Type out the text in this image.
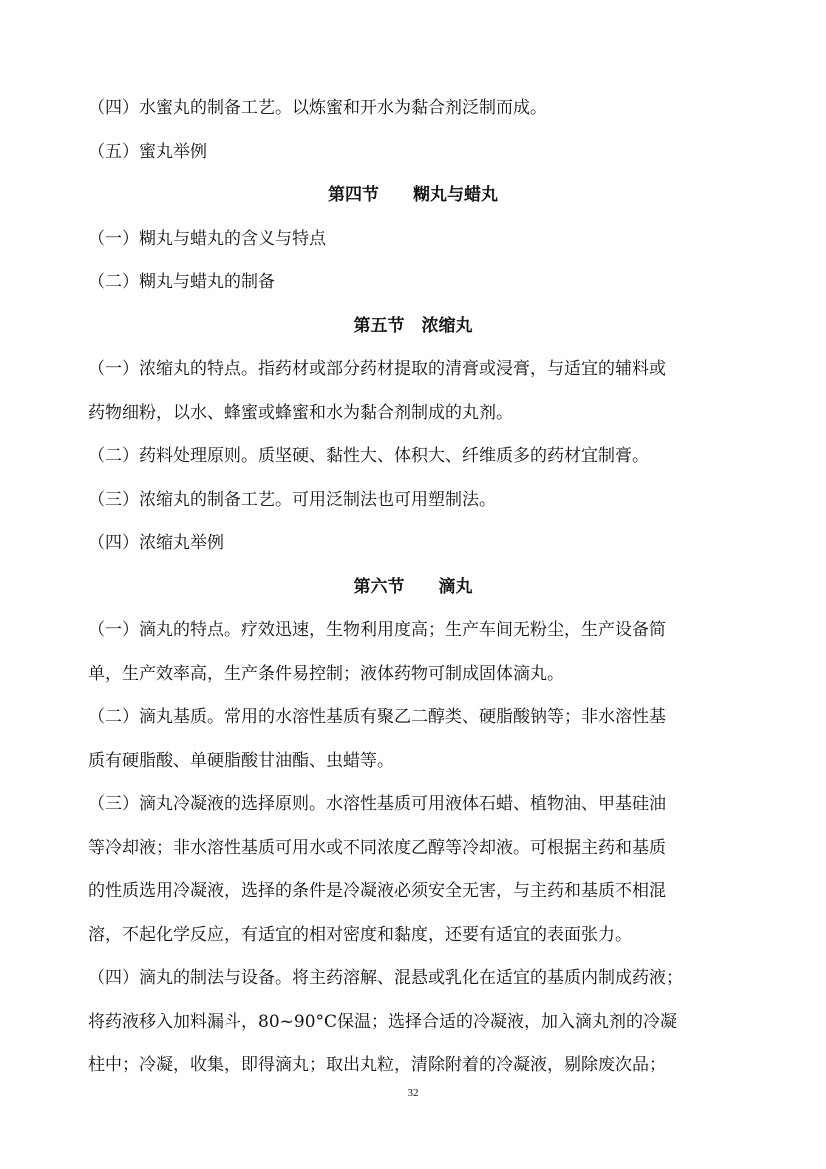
（四）水蜜丸的制备工艺。以炼蜜和开水为黏合剂泛制而成。
（五）蜜丸举例
第四节　　糊丸与蜡丸
（一）糊丸与蜡丸的含义与特点
（二）糊丸与蜡丸的制备
第五节　浓缩丸
（一）浓缩丸的特点。指药材或部分药材提取的清膏或浸膏，与适宜的辅料或
药物细粉，以水、蜂蜜或蜂蜜和水为黏合剂制成的丸剂。
（二）药料处理原则。质坚硬、黏性大、体积大、纤维质多的药材宜制膏。
（三）浓缩丸的制备工艺。可用泛制法也可用塑制法。
（四）浓缩丸举例
第六节　　滴丸
（一）滴丸的特点。疗效迅速，生物利用度高；生产车间无粉尘，生产设备简
单，生产效率高，生产条件易控制；液体药物可制成固体滴丸。
（二）滴丸基质。常用的水溶性基质有聚乙二醇类、硬脂酸钠等；非水溶性基
质有硬脂酸、单硬脂酸甘油酯、虫蜡等。
（三）滴丸冷凝液的选择原则。水溶性基质可用液体石蜡、植物油、甲基硅油
等冷却液；非水溶性基质可用水或不同浓度乙醇等冷却液。可根据主药和基质
的性质选用冷凝液，选择的条件是冷凝液必须安全无害，与主药和基质不相混
溶，不起化学反应，有适宜的相对密度和黏度，还要有适宜的表面张力。
（四）滴丸的制法与设备。将主药溶解、混悬或乳化在适宜的基质内制成药液；
将药液移入加料漏斗，80~90°C保温；选择合适的冷凝液，加入滴丸剂的冷凝
柱中；冷凝，收集，即得滴丸；取出丸粒，清除附着的冷凝液，剔除废次品；
32
